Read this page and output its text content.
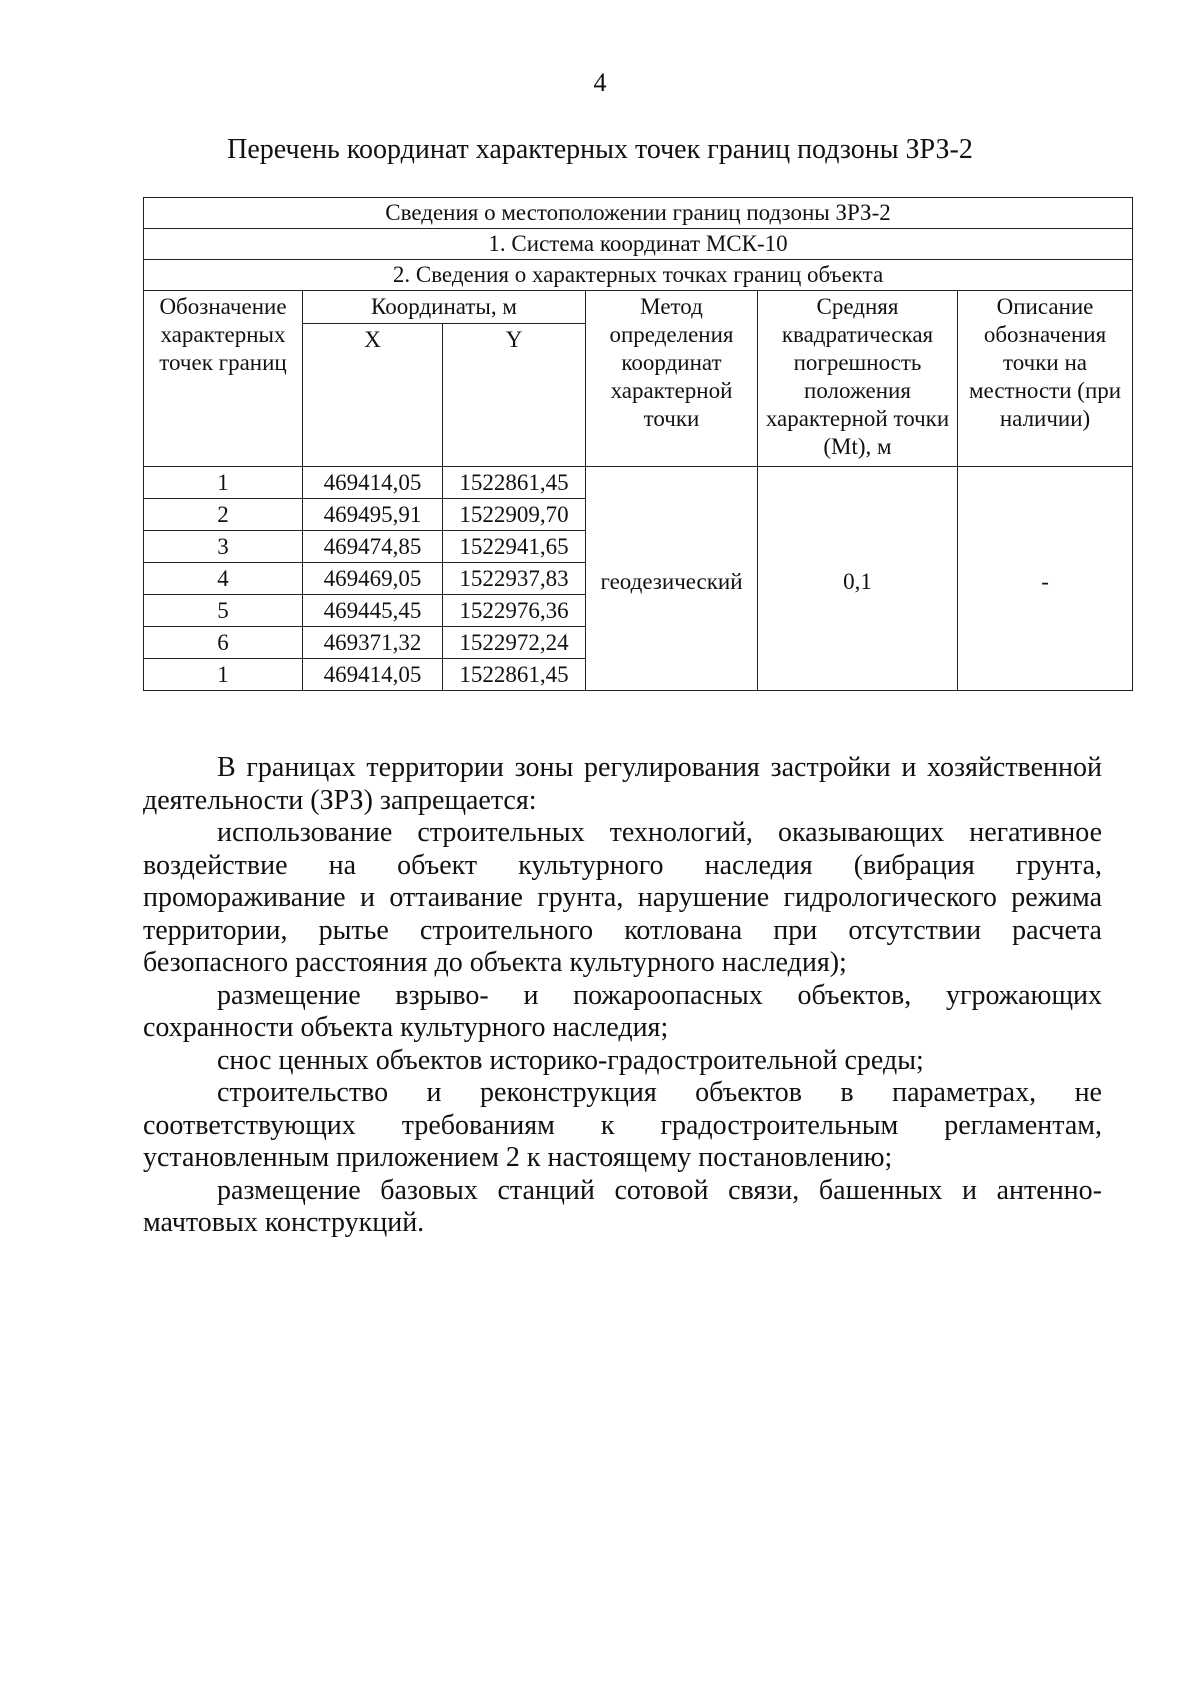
4
Перечень координат характерных точек границ подзоны ЗРЗ-2
Сведения о местоположении границ подзоны ЗРЗ-2					
1. Система координат МСК-10					
2. Сведения о характерных точках границ объекта					
Обозначение характерных точек границ	Координаты, м		Метод определения координат характерной точки	Средняя квадратическая погрешность положения характерной точки (Mt), м	Описание обозначения точки на местности (при наличии)
	X	Y			
1	469414,05	1522861,45	геодезический	0,1	-
2	469495,91	1522909,70			
3	469474,85	1522941,65			
4	469469,05	1522937,83			
5	469445,45	1522976,36			
6	469371,32	1522972,24			
1	469414,05	1522861,45			

В границах территории зоны регулирования застройки и хозяйственной деятельности (ЗРЗ) запрещается:

использование строительных технологий, оказывающих негативное воздействие на объект культурного наследия (вибрация грунта, промораживание и оттаивание грунта, нарушение гидрологического режима территории, рытье строительного котлована при отсутствии расчета безопасного расстояния до объекта культурного наследия);

размещение взрыво- и пожароопасных объектов, угрожающих сохранности объекта культурного наследия;

снос ценных объектов историко-градостроительной среды;

строительство и реконструкция объектов в параметрах, не соответствующих требованиям к градостроительным регламентам, установленным приложением 2 к настоящему постановлению;

размещение базовых станций сотовой связи, башенных и антенно-мачтовых конструкций.
